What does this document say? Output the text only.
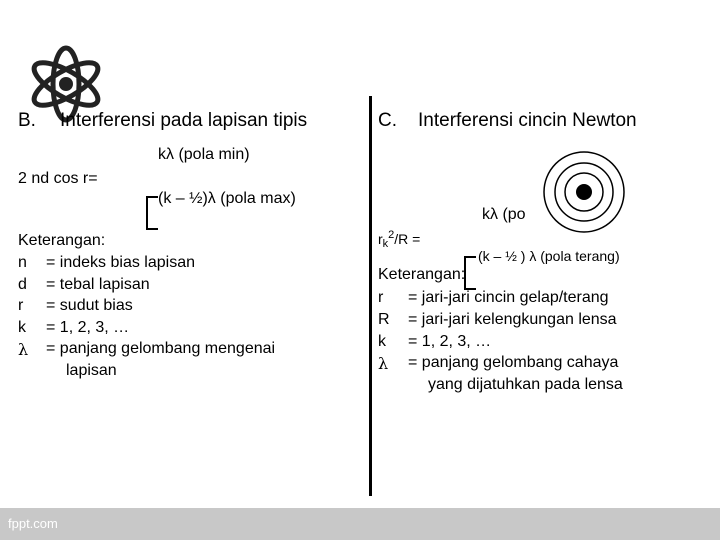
B. Interferensi pada lapisan tipis
kλ (pola min)
2 nd cos r=
(k – ½)λ (pola max)
Keterangan:
n = indeks bias lapisan
d = tebal lapisan
r = sudut bias
k = 1, 2, 3, …
λ = panjang gelombang mengenai
lapisan
C. Interferensi cincin Newton
kλ (po
$r_k^2/R$ =
(k – ½ ) λ (pola terang)
Keterangan:
r = jari-jari cincin gelap/terang
R = jari-jari kelengkungan lensa
k = 1, 2, 3, …
λ = panjang gelombang cahaya
yang dijatuhkan pada lensa
fppt.com
